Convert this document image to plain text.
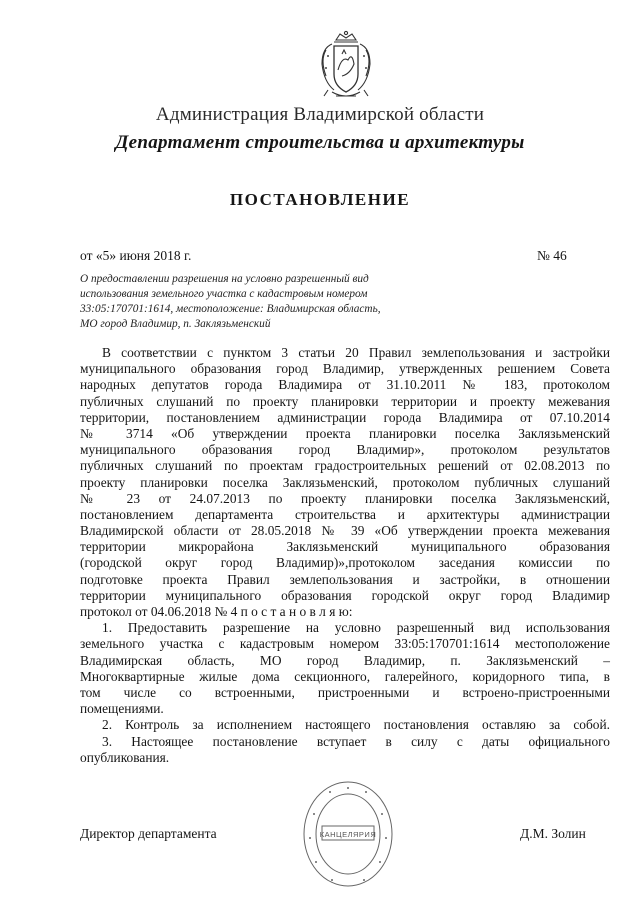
Администрация Владимирской области
Департамент строительства и архитектуры
ПОСТАНОВЛЕНИЕ
от «5» июня 2018 г.	№ 46
О предоставлении разрешения на условно разрешенный вид
использования земельного участка с кадастровым номером
33:05:170701:1614, местоположение: Владимирская область,
МО город Владимир, п. Заклязьменский
В соответствии с пунктом 3 статьи 20 Правил землепользования и застройки
муниципального образования город Владимир, утвержденных решением Совета
народных депутатов города Владимира от 31.10.2011 № 183, протоколом
публичных слушаний по проекту планировки территории и проекту межевания
территории, постановлением администрации города Владимира от 07.10.2014
№ 3714 «Об утверждении проекта планировки поселка Заклязьменский
муниципального образования город Владимир», протоколом результатов
публичных слушаний по проектам градостроительных решений от 02.08.2013 по
проекту планировки поселка Заклязьменский, протоколом публичных слушаний
№ 23 от 24.07.2013 по проекту планировки поселка Заклязьменский,
постановлением департамента строительства и архитектуры администрации
Владимирской области от 28.05.2018 № 39 «Об утверждении проекта межевания
территории микрорайона Заклязьменский муниципального образования
(городской округ город Владимир)»,протоколом заседания комиссии по
подготовке проекта Правил землепользования и застройки, в отношении
территории муниципального образования городской округ город Владимир
протокол от 04.06.2018 № 4 п о с т а н о в л я ю:
1. Предоставить разрешение на условно разрешенный вид использования
земельного участка с кадастровым номером 33:05:170701:1614 местоположение
Владимирская область, МО город Владимир, п. Заклязьменский –
Многоквартирные жилые дома секционного, галерейного, коридорного типа, в
том числе со встроенными, пристроенными и встроено-пристроенными
помещениями.
2. Контроль за исполнением настоящего постановления оставляю за собой.
3. Настоящее постановление вступает в силу с даты официального
опубликования.
Директор департамента	Д.М. Золин
КАНЦЕЛЯРИЯ
